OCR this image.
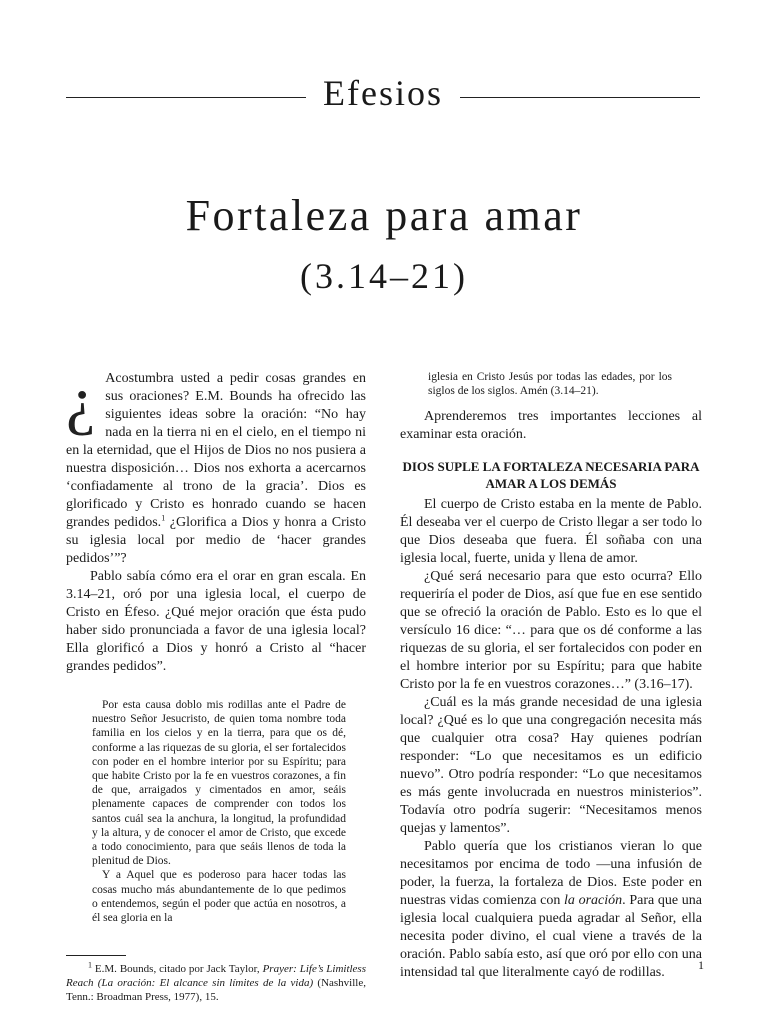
Efesios
Fortaleza para amar
(3.14–21)

¿ Acostumbra usted a pedir cosas grandes en sus oraciones? E.M. Bounds ha ofrecido las siguientes ideas sobre la oración: “No hay nada en la tierra ni en el cielo, en el tiempo ni en la eternidad, que el Hijos de Dios no nos pusiera a nuestra disposición… Dios nos exhorta a acercarnos ‘confiadamente al trono de la gracia’. Dios es glorificado y Cristo es honrado cuando se hacen grandes pedidos.$^1$ ¿Glorifica a Dios y honra a Cristo su iglesia local por medio de ‘hacer grandes pedidos’”?

Pablo sabía cómo era el orar en gran escala. En 3.14–21, oró por una iglesia local, el cuerpo de Cristo en Éfeso. ¿Qué mejor oración que ésta pudo haber sido pronunciada a favor de una iglesia local? Ella glorificó a Dios y honró a Cristo al “hacer grandes pedidos”.

Por esta causa doblo mis rodillas ante el Padre de nuestro Señor Jesucristo, de quien toma nombre toda familia en los cielos y en la tierra, para que os dé, conforme a las riquezas de su gloria, el ser fortalecidos con poder en el hombre interior por su Espíritu; para que habite Cristo por la fe en vuestros corazones, a fin de que, arraigados y cimentados en amor, seáis plenamente capaces de comprender con todos los santos cuál sea la anchura, la longitud, la profundidad y la altura, y de conocer el amor de Cristo, que excede a todo conocimiento, para que seáis llenos de toda la plenitud de Dios.

Y a Aquel que es poderoso para hacer todas las cosas mucho más abundantemente de lo que pedimos o entendemos, según el poder que actúa en nosotros, a él sea gloria en la

$^1$ E.M. Bounds, citado por Jack Taylor, Prayer: Life’s Limitless Reach (La oración: El alcance sin límites de la vida) (Nashville, Tenn.: Broadman Press, 1977), 15.

iglesia en Cristo Jesús por todas las edades, por los siglos de los siglos. Amén (3.14–21).

Aprenderemos tres importantes lecciones al examinar esta oración.

DIOS SUPLE LA FORTALEZA NECESARIA PARA AMAR A LOS DEMÁS

El cuerpo de Cristo estaba en la mente de Pablo. Él deseaba ver el cuerpo de Cristo llegar a ser todo lo que Dios deseaba que fuera. Él soñaba con una iglesia local, fuerte, unida y llena de amor.

¿Qué será necesario para que esto ocurra? Ello requeriría el poder de Dios, así que fue en ese sentido que se ofreció la oración de Pablo. Esto es lo que el versículo 16 dice: “… para que os dé conforme a las riquezas de su gloria, el ser fortalecidos con poder en el hombre interior por su Espíritu; para que habite Cristo por la fe en vuestros corazones…” (3.16–17).

¿Cuál es la más grande necesidad de una iglesia local? ¿Qué es lo que una congregación necesita más que cualquier otra cosa? Hay quienes podrían responder: “Lo que necesitamos es un edificio nuevo”. Otro podría responder: “Lo que necesitamos es más gente involucrada en nuestros ministerios”. Todavía otro podría sugerir: “Necesitamos menos quejas y lamentos”.

Pablo quería que los cristianos vieran lo que necesitamos por encima de todo —una infusión de poder, la fuerza, la fortaleza de Dios. Este poder en nuestras vidas comienza con la oración. Para que una iglesia local cualquiera pueda agradar al Señor, ella necesita poder divino, el cual viene a través de la oración. Pablo sabía esto, así que oró por ello con una intensidad tal que literalmente cayó de rodillas.

1
